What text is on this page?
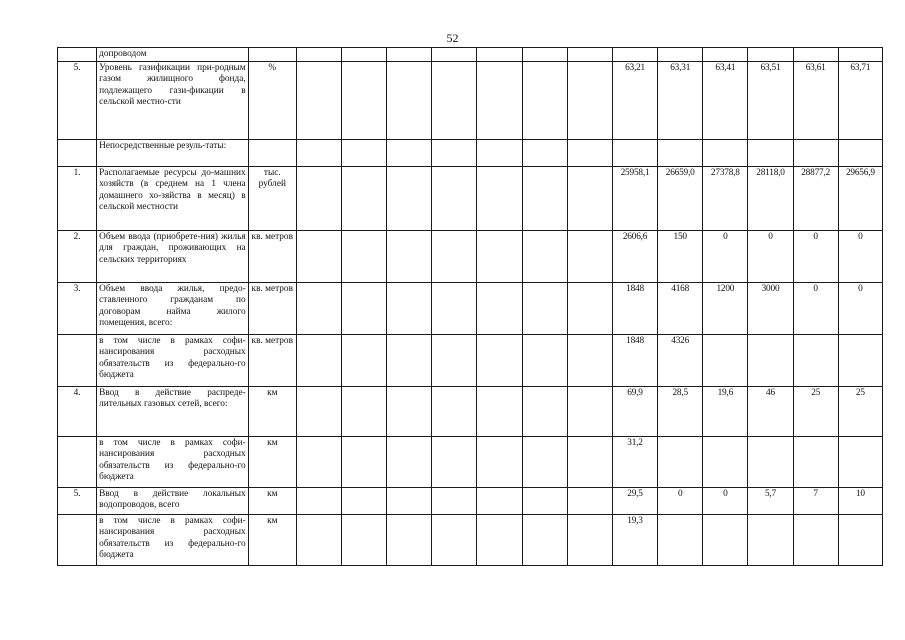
52
	допроводом														
5.	Уровень газификации при-родным газом жилищного фонда, подлежащего гази-фикации в сельской местно-сти	%								63,21	63,31	63,41	63,51	63,61	63,71
	Непосредственные резуль-таты:														
1.	Располагаемые ресурсы до-машних хозяйств (в среднем на 1 члена домашнего хо-зяйства в месяц) в сельской местности	тыс. рублей								25958,1	26659,0	27378,8	28118,0	28877,2	29656,9
2.	Объем ввода (приобрете-ния) жилья для граждан, проживающих на сельских территориях	кв. метров								2606,6	150	0	0	0	0
3.	Объем ввода жилья, предо-ставленного гражданам по договорам найма жилого помещения, всего:	кв. метров								1848	4168	1200	3000	0	0
	в том числе в рамках софи-нансирования расходных обязательств из федерально-го бюджета	кв. метров								1848	4326				
4.	Ввод в действие распреде-лительных газовых сетей, всего:	км								69,9	28,5	19,6	46	25	25
	в том числе в рамках софи-нансирования расходных обязательств из федерально-го бюджета	км								31,2					
5.	Ввод в действие локальных водопроводов, всего	км								29,5	0	0	5,7	7	10
	в том числе в рамках софи-нансирования расходных обязательств из федерально-го бюджета	км								19,3					
